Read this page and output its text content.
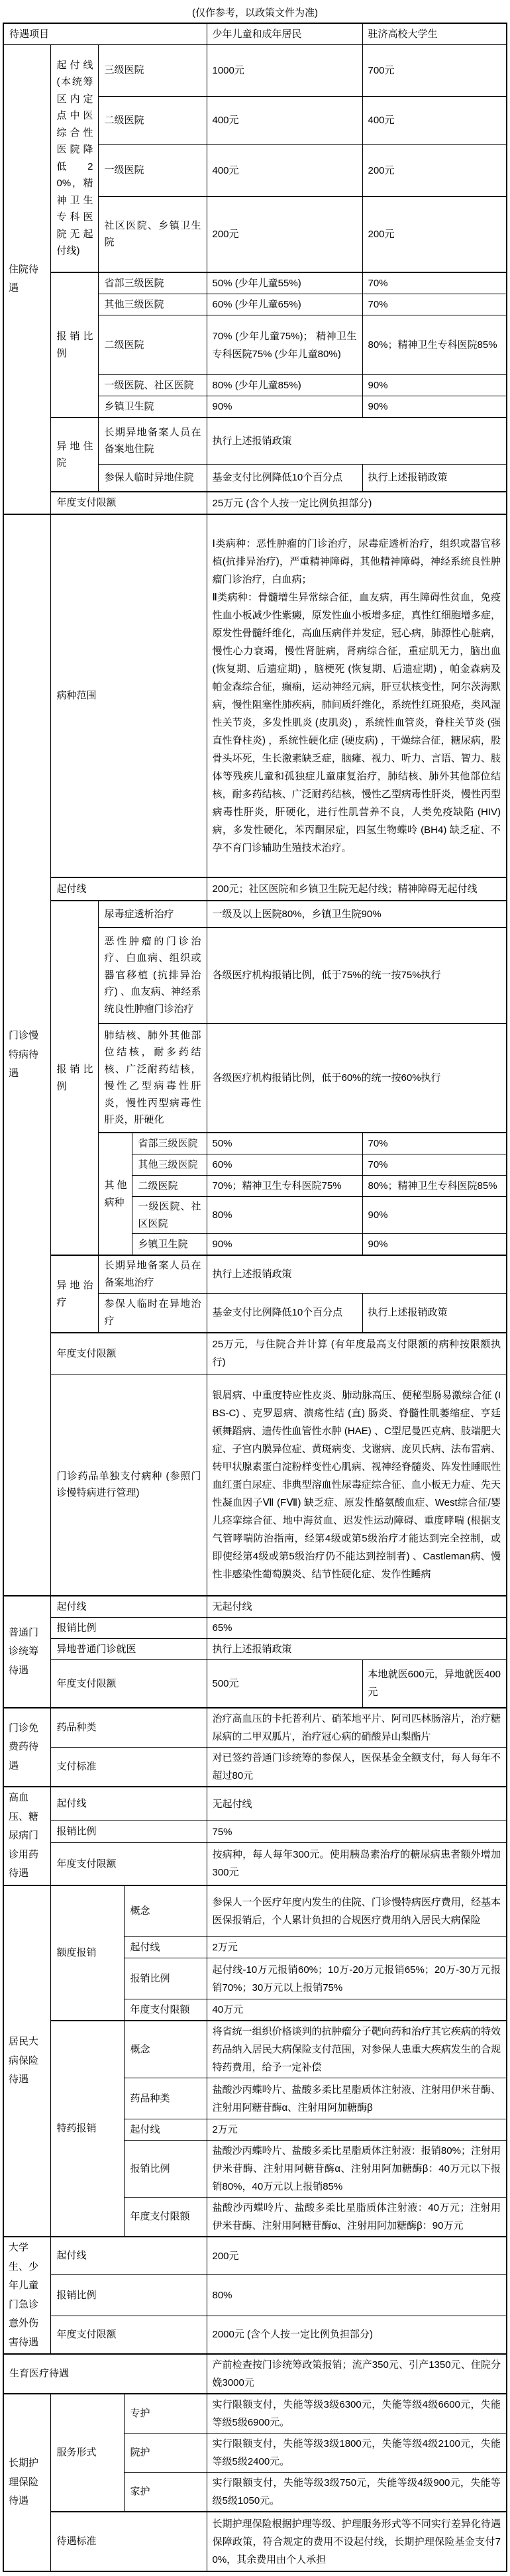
(仅作参考，以政策文件为准)
待遇项目					少年儿童和成年居民	驻济高校大学生

住院待遇	起付线 (本统筹区内定点中医综合性医院降低20%，精神卫生专科医院无起付线)	三级医院			1000元	700元

		二级医院			400元	400元

		一级医院			400元	200元

		社区医院、乡镇卫生院			200元	200元

	报销比例	省部三级医院			50% (少年儿童55%)	70%

		其他三级医院			60% (少年儿童65%)	70%

		二级医院			70% (少年儿童75%)； 精神卫生专科医院75% (少年儿童80%)	80%；精神卫生专科医院85%

		一级医院、社区医院			80% (少年儿童85%)	90%

		乡镇卫生院			90%	90%

	异地住院	长期异地备案人员在备案地住院			执行上述报销政策	

		参保人临时异地住院			基金支付比例降低10个百分点	执行上述报销政策

	年度支付限额				25万元 (含个人按一定比例负担部分)	

门诊慢特病待遇	病种范围				Ⅰ类病种：恶性肿瘤的门诊治疗，尿毒症透析治疗，组织或器官移植(抗排异治疗)，严重精神障碍，其他精神障碍，神经系统良性肿瘤门诊治疗，白血病；
Ⅱ类病种：骨髓增生异常综合征，血友病，再生障碍性贫血，免疫性血小板减少性紫癜，原发性血小板增多症，真性红细胞增多症，原发性骨髓纤维化，高血压病伴并发症，冠心病，肺源性心脏病，慢性心力衰竭，慢性肾脏病，肾病综合征，重症肌无力，脑出血 (恢复期、后遗症期) ，脑梗死 (恢复期、后遗症期) ，帕金森病及帕金森综合征，癫痫，运动神经元病，肝豆状核变性，阿尔茨海默病，慢性阻塞性肺疾病，肺间质纤维化，系统性红斑狼疮，类风湿性关节炎，多发性肌炎 (皮肌炎) ，系统性血管炎，脊柱关节炎 (强直性脊柱炎) ，系统性硬化症 (硬皮病) ，干燥综合征，糖尿病，股骨头坏死，生长激素缺乏症，脑瘫、视力、听力、言语、智力、肢体等残疾儿童和孤独症儿童康复治疗，肺结核、肺外其他部位结核，耐多药结核、广泛耐药结核，慢性乙型病毒性肝炎，慢性丙型病毒性肝炎，肝硬化，进行性肌营养不良，人类免疫缺陷 (HIV) 病，多发性硬化，苯丙酮尿症，四氢生物蝶呤 (BH4) 缺乏症、不孕不育门诊辅助生殖技术治疗。	

	起付线				200元；社区医院和乡镇卫生院无起付线；精神障碍无起付线	

	报销比例	尿毒症透析治疗			一级及以上医院80%，乡镇卫生院90%	

		恶性肿瘤的门诊治疗、白血病、组织或器官移植 (抗排异治疗) 、血友病、神经系统良性肿瘤门诊治疗			各级医疗机构报销比例，低于75%的统一按75%执行	

		肺结核、肺外其他部位结核，耐多药结核、广泛耐药结核，慢性乙型病毒性肝炎，慢性丙型病毒性肝炎，肝硬化			各级医疗机构报销比例，低于60%的统一按60%执行	

		其他病种		省部三级医院	50%	70%

				其他三级医院	60%	70%

				二级医院	70%；精神卫生专科医院75%	80%；精神卫生专科医院85%

				一级医院、社区医院	80%	90%

				乡镇卫生院	90%	90%

	异地治疗	长期异地备案人员在备案地治疗			执行上述报销政策	

		参保人临时在异地治疗			基金支付比例降低10个百分点	执行上述报销政策

	年度支付限额				25万元，与住院合并计算 (有年度最高支付限额的病种按限额执行)	

	门诊药品单独支付病种 (参照门诊慢特病进行管理)				银屑病、中重度特应性皮炎、肺动脉高压、便秘型肠易激综合征 (IBS-C) 、克罗恩病、溃疡性结 (直) 肠炎、脊髓性肌萎缩症、亨廷顿舞蹈病、遗传性血管性水肿 (HAE) 、C型尼曼匹克病、肢端肥大症、子宫内膜异位症、黄斑病变、戈谢病、庞贝氏病、法布雷病、转甲状腺素蛋白淀粉样变性心肌病、视神经脊髓炎、阵发性睡眠性血红蛋白尿症、非典型溶血性尿毒症综合征、血小板无力症、先天性凝血因子Ⅶ (FⅦ) 缺乏症、原发性酪氨酸血症、West综合征/婴儿痉挛综合征、地中海贫血、迟发性运动障碍、重度哮喘 (根据支气管哮喘防治指南，经第4级或第5级治疗才能达到完全控制，或即使经第4级或第5级治疗仍不能达到控制者) 、Castleman病、慢性非感染性葡萄膜炎、结节性硬化症、发作性睡病	

普通门诊统筹待遇	起付线				无起付线	

	报销比例				65%	

	异地普通门诊就医				执行上述报销政策	

	年度支付限额				500元	本地就医600元，异地就医400元

门诊免费药待遇	药品种类				治疗高血压的卡托普利片、硝苯地平片、阿司匹林肠溶片，治疗糖尿病的二甲双胍片，治疗冠心病的硝酸异山梨酯片	

	支付标准				对已签约普通门诊统筹的参保人，医保基金全额支付，每人每年不超过80元	

高血压、糖尿病门诊用药待遇	起付线				无起付线	

	报销比例				75%	

	年度支付限额				按病种，每人每年300元。使用胰岛素治疗的糖尿病患者额外增加300元	

居民大病保险待遇	额度报销		概念		参保人一个医疗年度内发生的住院、门诊慢特病医疗费用，经基本医保报销后，个人累计负担的合规医疗费用纳入居民大病保险	

			起付线		2万元	

			报销比例		起付线-10万元报销60%；10万-20万元报销65%；20万-30万元报销70%；30万元以上报销75%	

			年度支付限额		40万元	

	特药报销		概念		将省统一组织价格谈判的抗肿瘤分子靶向药和治疗其它疾病的特效药品纳入居民大病保险支付范围，对参保人患重大疾病发生的合规特药费用，给予一定补偿	

			药品种类		盐酸沙丙蝶呤片、盐酸多柔比星脂质体注射液、注射用伊米苷酶、注射用阿糖苷酶α、注射用阿加糖酶β	

			起付线		2万元	

			报销比例		盐酸沙丙蝶呤片、盐酸多柔比星脂质体注射液：报销80%；注射用伊米苷酶、注射用阿糖苷酶α、注射用阿加糖酶β：40万元以下报销80%，40万元以上报销85%	

			年度支付限额		盐酸沙丙蝶呤片、盐酸多柔比星脂质体注射液：40万元；注射用伊米苷酶、注射用阿糖苷酶α、注射用阿加糖酶β：90万元	

大学生、少年儿童门急诊意外伤害待遇	起付线				200元	

	报销比例				80%	

	年度支付限额				2000元 (含个人按一定比例负担部分)	

生育医疗待遇					产前检查按门诊统筹政策报销；流产350元、引产1350元、住院分娩3000元	

长期护理保险待遇	服务形式		专护		实行限额支付，失能等级3级6300元，失能等级4级6600元，失能等级5级6900元。	

			院护		实行限额支付，失能等级3级1800元，失能等级4级2100元，失能等级5级2400元。	

			家护		实行限额支付，失能等级3级750元，失能等级4级900元，失能等级5级1050元。	

	待遇标准				长期护理保险根据护理等级、护理服务形式等不同实行差异化待遇保障政策，符合规定的费用不设起付线，长期护理保险基金支付70%，其余费用由个人承担	
